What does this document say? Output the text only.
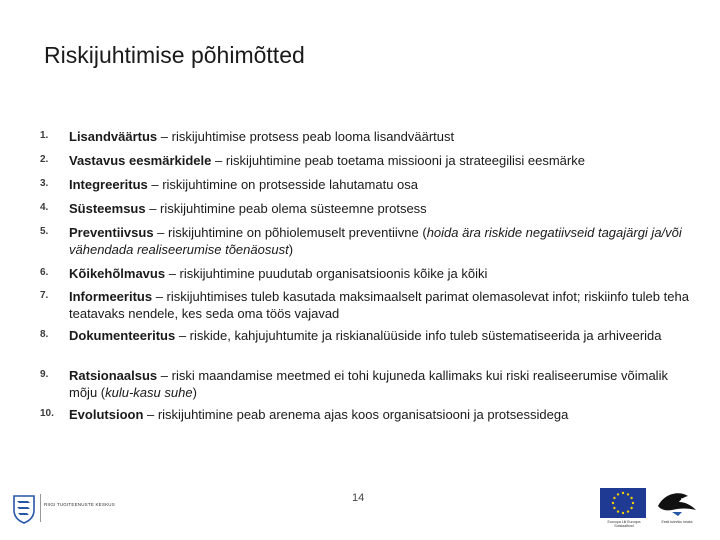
Riskijuhtimise põhimõtted
1.	Lisandväärtus – riskijuhtimise protsess peab looma lisandväärtust
2.	Vastavus eesmärkidele – riskijuhtimine peab toetama missiooni ja strateegilisi eesmärke
3.	Integreeritus – riskijuhtimine on protsesside lahutamatu osa
4.	Süsteemsus – riskijuhtimine peab olema süsteemne protsess
5.	Preventiivsus – riskijuhtimine on põhiolemuselt preventiivne (hoida ära riskide negatiivseid tagajärgi ja/või vähendada realiseerumise tõenäosust)
6.	Kõikehõlmavus – riskijuhtimine puudutab organisatsioonis kõike ja kõiki
7.	Informeeritus – riskijuhtimises tuleb kasutada maksimaalselt parimat olemasolevat infot; riskiinfo tuleb teha teatavaks nendele, kes seda oma töös vajavad
8.	Dokumenteeritus – riskide, kahjujuhtumite ja riskianalüüside info tuleb süstematiseerida ja arhiveerida
9.	Ratsionaalsus – riski maandamise meetmed ei tohi kujuneda kallimaks kui riski realiseerumise võimalik mõju (kulu-kasu suhe)
10.	Evolutsioon – riskijuhtimine peab arenema ajas koos organisatsiooni ja protsessidega
14
RIIGI TUGITEENUSTE KESKUS
Euroopa Liit Euroopa Sotsiaalfond
Eesti tuleviku heaks
